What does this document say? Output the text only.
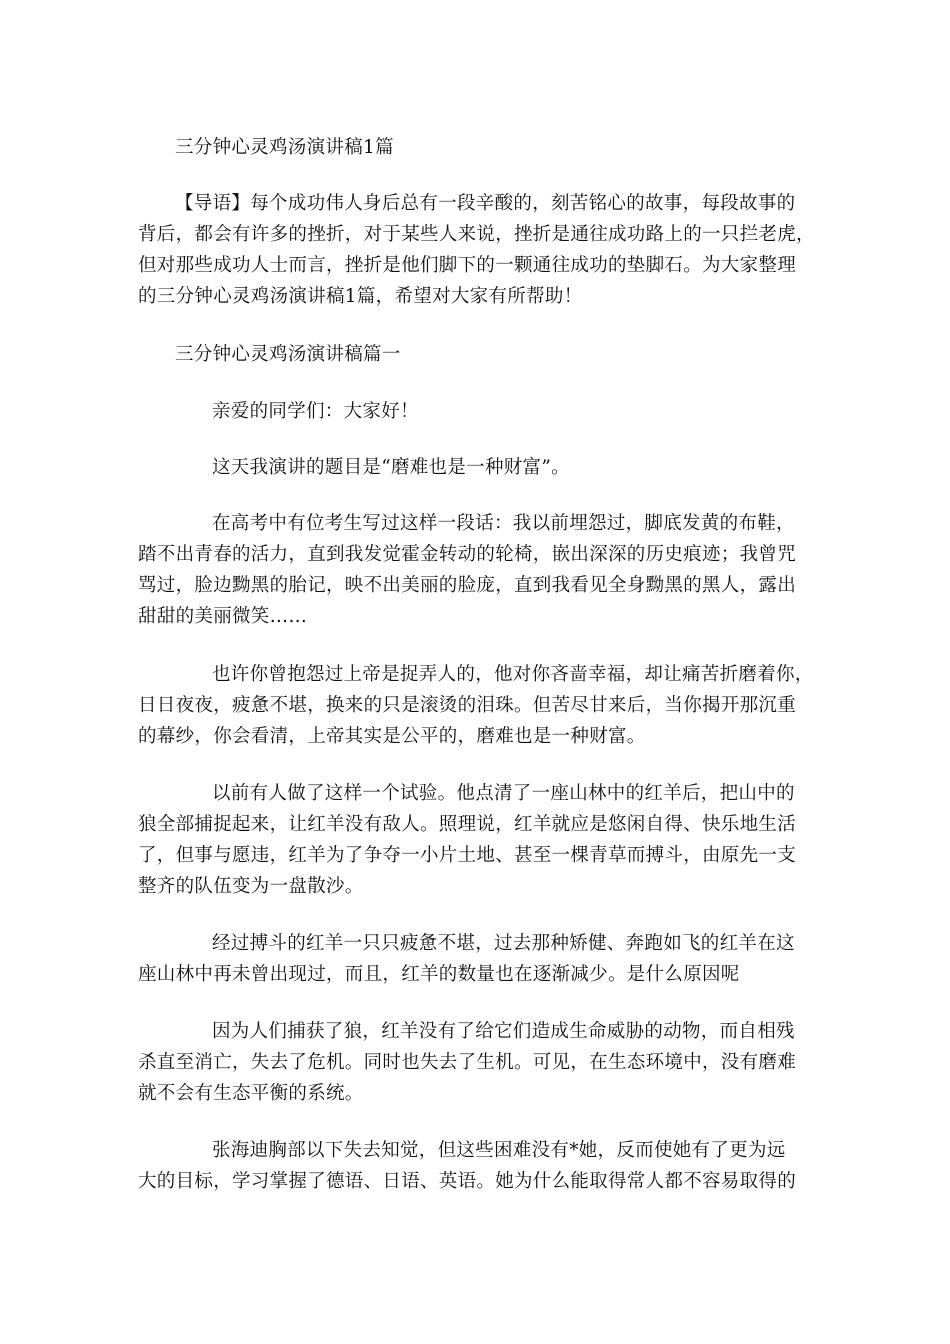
三分钟心灵鸡汤演讲稿1篇
【导语】每个成功伟人身后总有一段辛酸的，刻苦铭心的故事，每段故事的
背后，都会有许多的挫折，对于某些人来说，挫折是通往成功路上的一只拦老虎，
但对那些成功人士而言，挫折是他们脚下的一颗通往成功的垫脚石。为大家整理
的三分钟心灵鸡汤演讲稿1篇，希望对大家有所帮助！
三分钟心灵鸡汤演讲稿篇一
亲爱的同学们：大家好！
这天我演讲的题目是“磨难也是一种财富”。
在高考中有位考生写过这样一段话：我以前埋怨过，脚底发黄的布鞋，
踏不出青春的活力，直到我发觉霍金转动的轮椅，嵌出深深的历史痕迹；我曾咒
骂过，脸边黝黑的胎记，映不出美丽的脸庞，直到我看见全身黝黑的黑人，露出
甜甜的美丽微笑……
也许你曾抱怨过上帝是捉弄人的，他对你吝啬幸福，却让痛苦折磨着你，
日日夜夜，疲惫不堪，换来的只是滚烫的泪珠。但苦尽甘来后，当你揭开那沉重
的幕纱，你会看清，上帝其实是公平的，磨难也是一种财富。
以前有人做了这样一个试验。他点清了一座山林中的红羊后，把山中的
狼全部捕捉起来，让红羊没有敌人。照理说，红羊就应是悠闲自得、快乐地生活
了，但事与愿违，红羊为了争夺一小片土地、甚至一棵青草而搏斗，由原先一支
整齐的队伍变为一盘散沙。
经过搏斗的红羊一只只疲惫不堪，过去那种矫健、奔跑如飞的红羊在这
座山林中再未曾出现过，而且，红羊的数量也在逐渐减少。是什么原因呢
因为人们捕获了狼，红羊没有了给它们造成生命威胁的动物，而自相残
杀直至消亡，失去了危机。同时也失去了生机。可见，在生态环境中，没有磨难
就不会有生态平衡的系统。
张海迪胸部以下失去知觉，但这些困难没有*她，反而使她有了更为远
大的目标，学习掌握了德语、日语、英语。她为什么能取得常人都不容易取得的
